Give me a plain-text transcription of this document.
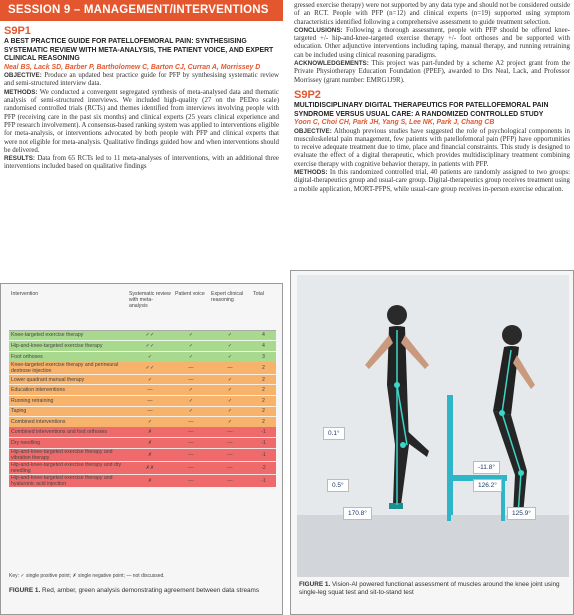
SESSION 9 – MANAGEMENT/INTERVENTIONS
S9P1
A BEST PRACTICE GUIDE FOR PATELLOFEMORAL PAIN: SYNTHESISING SYSTEMATIC REVIEW WITH META-ANALYSIS, THE PATIENT VOICE, AND EXPERT CLINICAL REASONING
Neal BS, Lack SD, Barber P, Bartholomew C, Barton CJ, Curran A, Morrissey D

OBJECTIVE: Produce an updated best practice guide for PFP by synthesising systematic review and semi-structured interview data.

METHODS: We conducted a convergent segregated synthesis of meta-analysed data and thematic analysis of semi-structured interviews. We included high-quality (27 on the PEDro scale) randomised controlled trials (RCTs) and themes identified from interviews involving people with PFP (receiving care in the past six months) and clinical experts (25 years clinical experience and PFP research involvement). A consensus-based ranking system was applied to interventions eligible for meta-analysis, or interventions advocated by both people with PFP and clinical experts that were not eligible for meta-analysis. Qualitative findings guided how and when interventions should be delivered.

RESULTS: Data from 65 RCTs led to 11 meta-analyses of interventions, with an additional three interventions included based on qualitative findings

Intervention	Systematic review with meta-analysis	Patient voice	Expert clinical reasoning	Total
Knee-targeted exercise therapy	✓✓	✓	✓	4
Hip-and-knee-targeted exercise therapy	✓✓	✓	✓	4
Foot orthoses	✓	✓	✓	3
Knee-targeted exercise therapy and perineural dextrose injection	✓✓	—	—	2
Lower quadrant manual therapy	✓	—	✓	2
Education interventions	—	✓	✓	2
Running retraining	—	✓	✓	2
Taping	—	✓	✓	2
Combined interventions	✓	—	✓	2
Combined interventions and foot orthoses	✗	—	—	-1
Dry needling	✗	—	—	-1
Hip-and-knee-targeted exercise therapy and vibration therapy	✗	—	—	-1
Hip-and-knee-targeted exercise therapy and dry needling	✗✗	—	—	-2
Hip-and-knee-targeted exercise therapy and hyaluronic acid injection	✗	—	—	-1
Key: ✓ single positive point; ✗ single negative point; — not discussed.
FIGURE 1. Red, amber, green analysis demonstrating agreement between data streams

gressed exercise therapy) were not supported by any data type and should not be considered outside of an RCT. People with PFP (n=12) and clinical experts (n=19) supported using symptom characteristics identified following a comprehensive assessment to guide treatment selection.

CONCLUSIONS: Following a thorough assessment, people with PFP should be offered knee-targeted +/- hip-and-knee-targeted exercise therapy +/- foot orthoses and be supported with education. Other adjunctive interventions including taping, manual therapy, and running retraining can be included using clinical reasoning paradigms.

ACKNOWLEDGEMENTS: This project was part-funded by a scheme A2 project grant from the Private Physiotherapy Education Foundation (PPEF), awarded to Drs Neal, Lack, and Professor Morrissey (grant number: EMRG1J9R).

S9P2
MULTIDISCIPLINARY DIGITAL THERAPEUTICS FOR PATELLOFEMORAL PAIN SYNDROME VERSUS USUAL CARE: A RANDOMIZED CONTROLLED STUDY
Yoon C, Choi CH, Park JH, Yang S, Lee NK, Park J, Chang CB

OBJECTIVE: Although previous studies have suggested the role of psychological components in musculoskeletal pain management, few patients with patellofemoral pain (PFP) have opportunities to receive adequate treatment due to time, place and financial constraints. This study is designed to evaluate the effect of a digital therapeutic, which provides multidisciplinary treatment combining exercise therapy with cognitive behavior therapy, in patients with PFP.

METHODS: In this randomized controlled trial, 40 patients are randomly assigned to two groups: digital-therapeutics group and usual-care group. Digital-therapeutics group receives treatment using a mobile application, MORT-PFPS, while usual-care group receives in-person exercise education.

0.1°
0.5°
170.8°
-11.8°
126.2°
125.9°
FIGURE 1. Vision-AI powered functional assessment of muscles around the knee joint using single-leg squat test and sit-to-stand test
